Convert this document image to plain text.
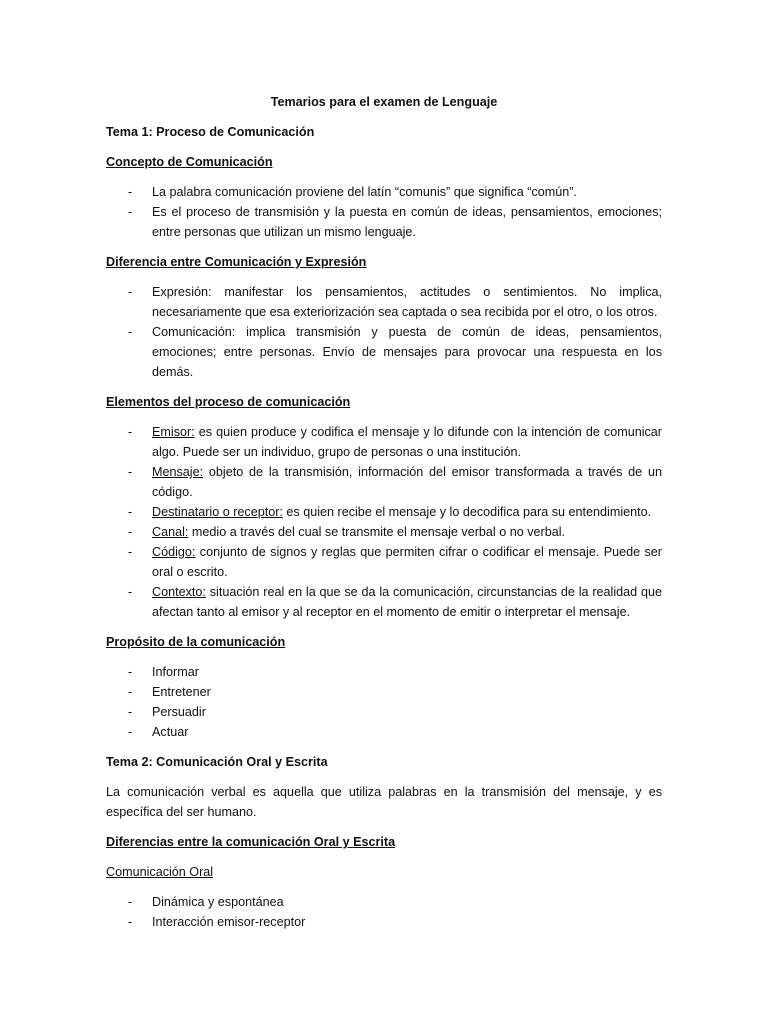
Temarios para el examen de Lenguaje
Tema 1: Proceso de Comunicación
Concepto de Comunicación
- La palabra comunicación proviene del latín “comunis” que significa “común”.
- Es el proceso de transmisión y la puesta en común de ideas, pensamientos, emociones; entre personas que utilizan un mismo lenguaje.
Diferencia entre Comunicación y Expresión
- Expresión: manifestar los pensamientos, actitudes o sentimientos. No implica, necesariamente que esa exteriorización sea captada o sea recibida por el otro, o los otros.
- Comunicación: implica transmisión y puesta de común de ideas, pensamientos, emociones; entre personas. Envío de mensajes para provocar una respuesta en los demás.
Elementos del proceso de comunicación
- Emisor: es quien produce y codifica el mensaje y lo difunde con la intención de comunicar algo. Puede ser un individuo, grupo de personas o una institución.
- Mensaje: objeto de la transmisión, información del emisor transformada a través de un código.
- Destinatario o receptor: es quien recibe el mensaje y lo decodifica para su entendimiento.
- Canal: medio a través del cual se transmite el mensaje verbal o no verbal.
- Código: conjunto de signos y reglas que permiten cifrar o codificar el mensaje. Puede ser oral o escrito.
- Contexto: situación real en la que se da la comunicación, circunstancias de la realidad que afectan tanto al emisor y al receptor en el momento de emitir o interpretar el mensaje.
Propósito de la comunicación
- Informar
- Entretener
- Persuadir
- Actuar
Tema 2: Comunicación Oral y Escrita

La comunicación verbal es aquella que utiliza palabras en la transmisión del mensaje, y es específica del ser humano.

Diferencias entre la comunicación Oral y Escrita
Comunicación Oral
- Dinámica y espontánea
- Interacción emisor-receptor
